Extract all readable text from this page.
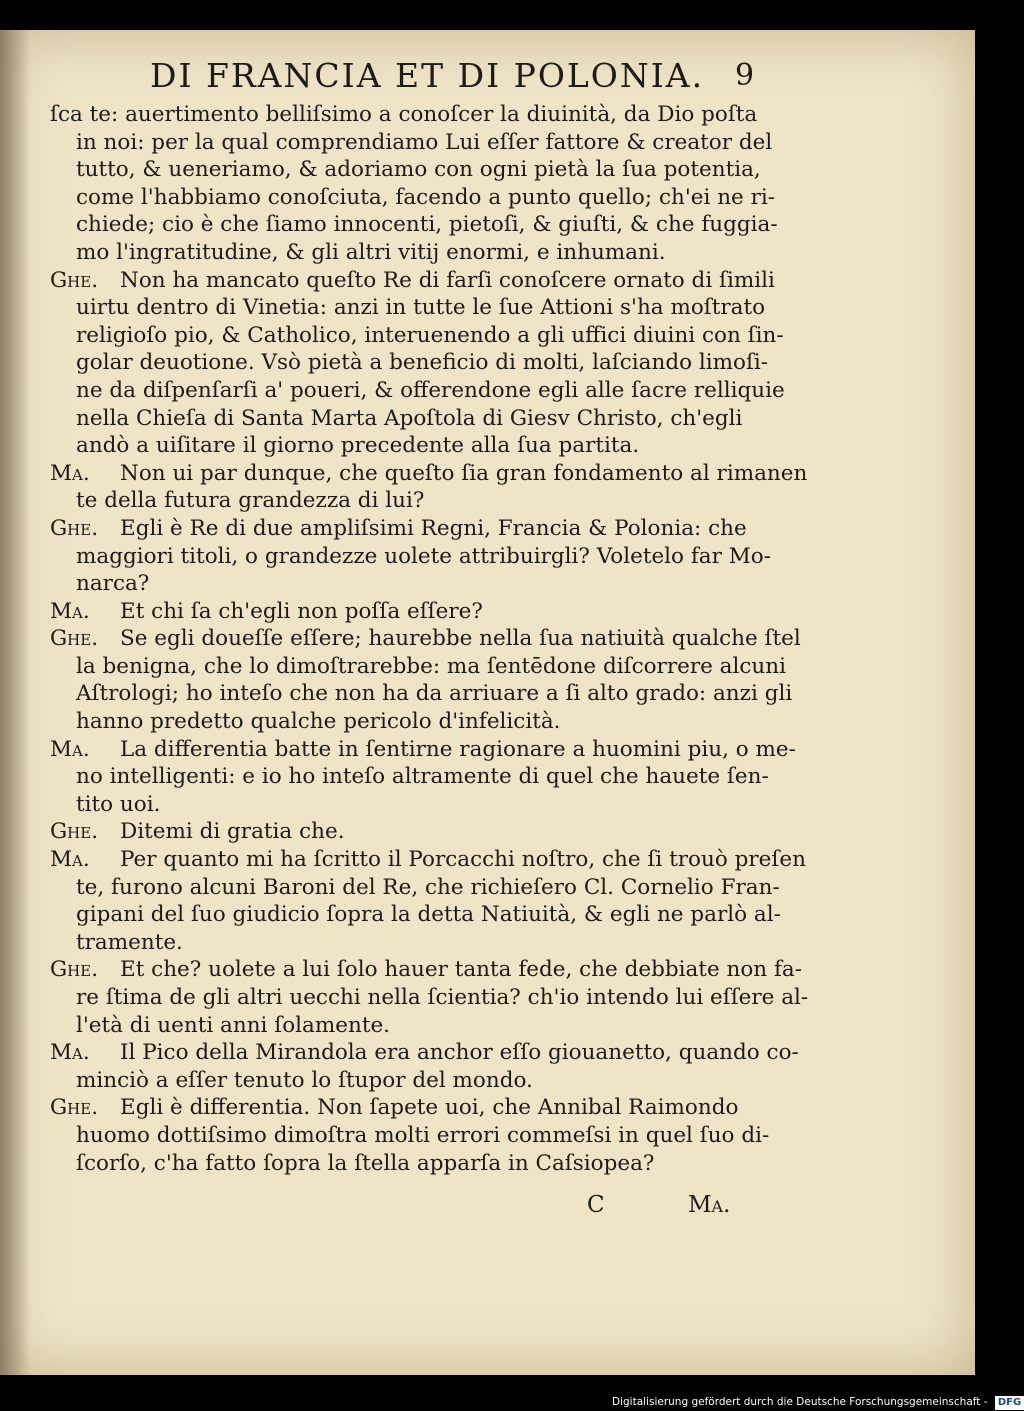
DI FRANCIA ET DI POLONIA.	9
ſca te: auertimento belliſsimo a conoſcer la diuinità, da Dio poſta
in noi: per la qual comprendiamo Lui eſſer fattore & creator del
tutto, & ueneriamo, & adoriamo con ogni pietà la ſua potentia,
come l'habbiamo conoſciuta, facendo a punto quello; ch'ei ne ri-
chiede; cio è che ſiamo innocenti, pietoſi, & giuſti, & che fuggia-
mo l'ingratitudine, & gli altri vitij enormi, e inhumani.
Ghe. Non ha mancato queſto Re di farſi conoſcere ornato di ſimili
uirtu dentro di Vinetia: anzi in tutte le ſue Attioni s'ha moſtrato
religioſo pio, & Catholico, interuenendo a gli uffici diuini con ſin-
golar deuotione. Vsò pietà a beneficio di molti, laſciando limoſi-
ne da diſpenſarſi a' poueri, & offerendone egli alle ſacre relliquie
nella Chieſa di Santa Marta Apoſtola di Giesv Christo, ch'egli
andò a uiſitare il giorno precedente alla ſua partita.
Ma. Non ui par dunque, che queſto ſia gran fondamento al rimanen
te della futura grandezza di lui?
Ghe. Egli è Re di due ampliſsimi Regni, Francia & Polonia: che
maggiori titoli, o grandezze uolete attribuirgli? Voletelo far Mo-
narca?
Ma. Et chi ſa ch'egli non poſſa eſſere?
Ghe. Se egli doueſſe eſſere; haurebbe nella ſua natiuità qualche ſtel
la benigna, che lo dimoſtrarebbe: ma ſentēdone diſcorrere alcuni
Aſtrologi; ho inteſo che non ha da arriuare a ſi alto grado: anzi gli
hanno predetto qualche pericolo d'infelicità.
Ma. La differentia batte in ſentirne ragionare a huomini piu, o me-
no intelligenti: e io ho inteſo altramente di quel che hauete ſen-
tito uoi.
Ghe. Ditemi di gratia che.
Ma. Per quanto mi ha ſcritto il Porcacchi noſtro, che ſi trouò preſen
te, furono alcuni Baroni del Re, che richieſero Cl. Cornelio Fran-
gipani del ſuo giudicio ſopra la detta Natiuità, & egli ne parlò al-
tramente.
Ghe. Et che? uolete a lui ſolo hauer tanta fede, che debbiate non fa-
re ſtima de gli altri uecchi nella ſcientia? ch'io intendo lui eſſere al-
l'età di uenti anni ſolamente.
Ma. Il Pico della Mirandola era anchor eſſo giouanetto, quando co-
minciò a eſſer tenuto lo ſtupor del mondo.
Ghe. Egli è differentia. Non ſapete uoi, che Annibal Raimondo
huomo dottiſsimo dimoſtra molti errori commeſsi in quel ſuo di-
ſcorſo, c'ha fatto ſopra la ſtella apparſa in Caſsiopea?
C	Ma.
Digitalisierung gefördert durch die Deutsche Forschungsgemeinschaft - DFG
